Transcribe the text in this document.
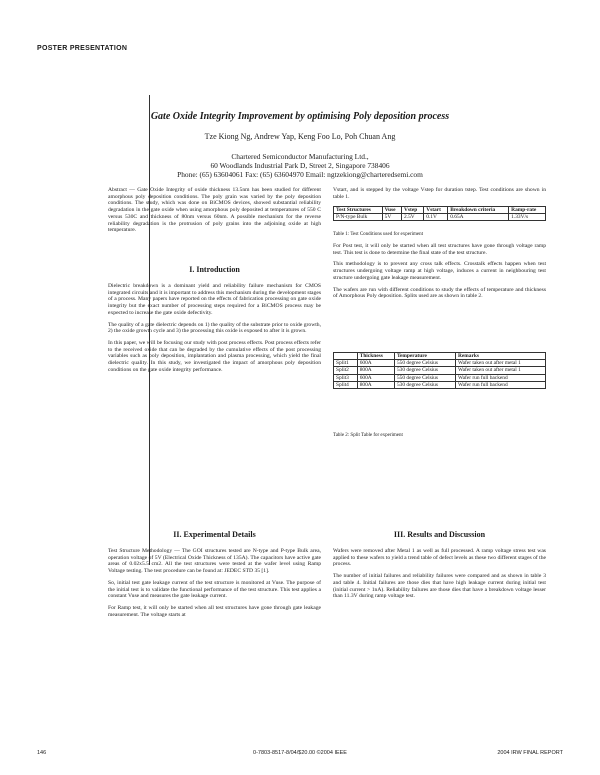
POSTER PRESENTATION
Gate Oxide Integrity Improvement by optimising Poly deposition process
Tze Kiong Ng, Andrew Yap, Keng Foo Lo, Poh Chuan Ang
Chartered Semiconductor Manufacturing Ltd.,
60 Woodlands Industrial Park D, Street 2, Singapore 738406
Phone: (65) 63604061 Fax: (65) 63604970 Email: ngtzekiong@charteredsemi.com

Abstract — Gate Oxide Integrity of oxide thickness 13.5nm has been studied for different amorphous poly deposition conditions. The poly grain was varied by the poly deposition conditions. The study, which was done on BiCMOS devices, showed substantial reliability degradation in the gate oxide when using amorphous poly deposited at temperatures of 550 C versus 530C and thickness of 80nm versus 60nm. A possible mechanism for the reverse reliability degradation is the protrusion of poly grains into the adjoining oxide at high temperature.

I. Introduction

Dielectric breakdown is a dominant yield and reliability failure mechanism for CMOS integrated circuits and it is important to address this mechanism during the development stages of a process. Many papers have reported on the effects of fabrication processing on gate oxide integrity but the exact number of processing steps required for a BiCMOS process may be expected to increase the gate oxide defectivity.

The quality of a gate dielectric depends on 1) the quality of the substrate prior to oxide growth, 2) the oxide growth cycle and 3) the processing this oxide is exposed to after it is grown.

In this paper, we will be focusing our study with post process effects. Post process effects refer to the received oxide that can be degraded by the cumulative effects of the post processing variables such as poly deposition, implantation and plasma processing, which yield the final dielectric quality. In this study, we investigated the impact of amorphous poly deposition conditions on the gate oxide integrity performance.

II. Experimental Details

Test Structure Methodology — The GOI structures tested are N-type and P-type Bulk area, operation voltage of 5V (Electrical Oxide Thickness of 135A). The capacitors have active gate areas of 0.02x5.5 cm2. All the test structures were tested at the wafer level using Ramp Voltage testing. The test procedure can be found at: JEDEC STD 35 [1].

So, initial test gate leakage current of the test structure is monitored at Vuse. The purpose of the initial test is to validate the functional performance of the test structure. This test applies a constant Vuse and measures the gate leakage current.

For Ramp test, it will only be started when all test structures have gone through gate leakage measurement. The voltage starts at

Vstart, and is stepped by the voltage Vstep for duration tstep. Test conditions are shown in table 1.

Test Structures	Vuse	Vstep	Vstart	Breakdown criteria	Ramp-rate
P/N-type Bulk	5V	2.5V	0.1V	0.65A	1.33V/s
Table 1: Test Conditions used for experiment

For Post test, it will only be started when all test structures have gone through voltage ramp test. This test is done to determine the final state of the test structure.

This methodology is to prevent any cross talk effects. Crosstalk effects happen when test structures undergoing voltage ramp at high voltage, induces a current in neighbouring test structure undergoing gate leakage measurement.

The wafers are run with different conditions to study the effects of temperature and thickness of Amorphous Poly deposition. Splits used are as shown in table 2.

	Thickness	Temperature	Remarks
Split1	600A	550 degree Celsius	Wafer taken out after metal 1
Split2	800A	530 degree Celsius	Wafer taken out after metal 1
Split3	600A	550 degree Celsius	Wafer run full backend
Split4	800A	530 degree Celsius	Wafer run full backend
Table 2: Split Table for experiment
III. Results and Discussion

Wafers were removed after Metal 1 as well as full processed. A ramp voltage stress test was applied to these wafers to yield a trend table of defect levels as these two different stages of the process.

The number of initial failures and reliability failures were compared and as shown in table 3 and table 4. Initial failures are those dies that have high leakage current during initial test (initial current > 1nA). Reliability failures are those dies that have a breakdown voltage lesser than 11.3V during ramp voltage test.

146	0-7803-8517-8/04/$20.00 ©2004 IEEE	2004 IRW FINAL REPORT
